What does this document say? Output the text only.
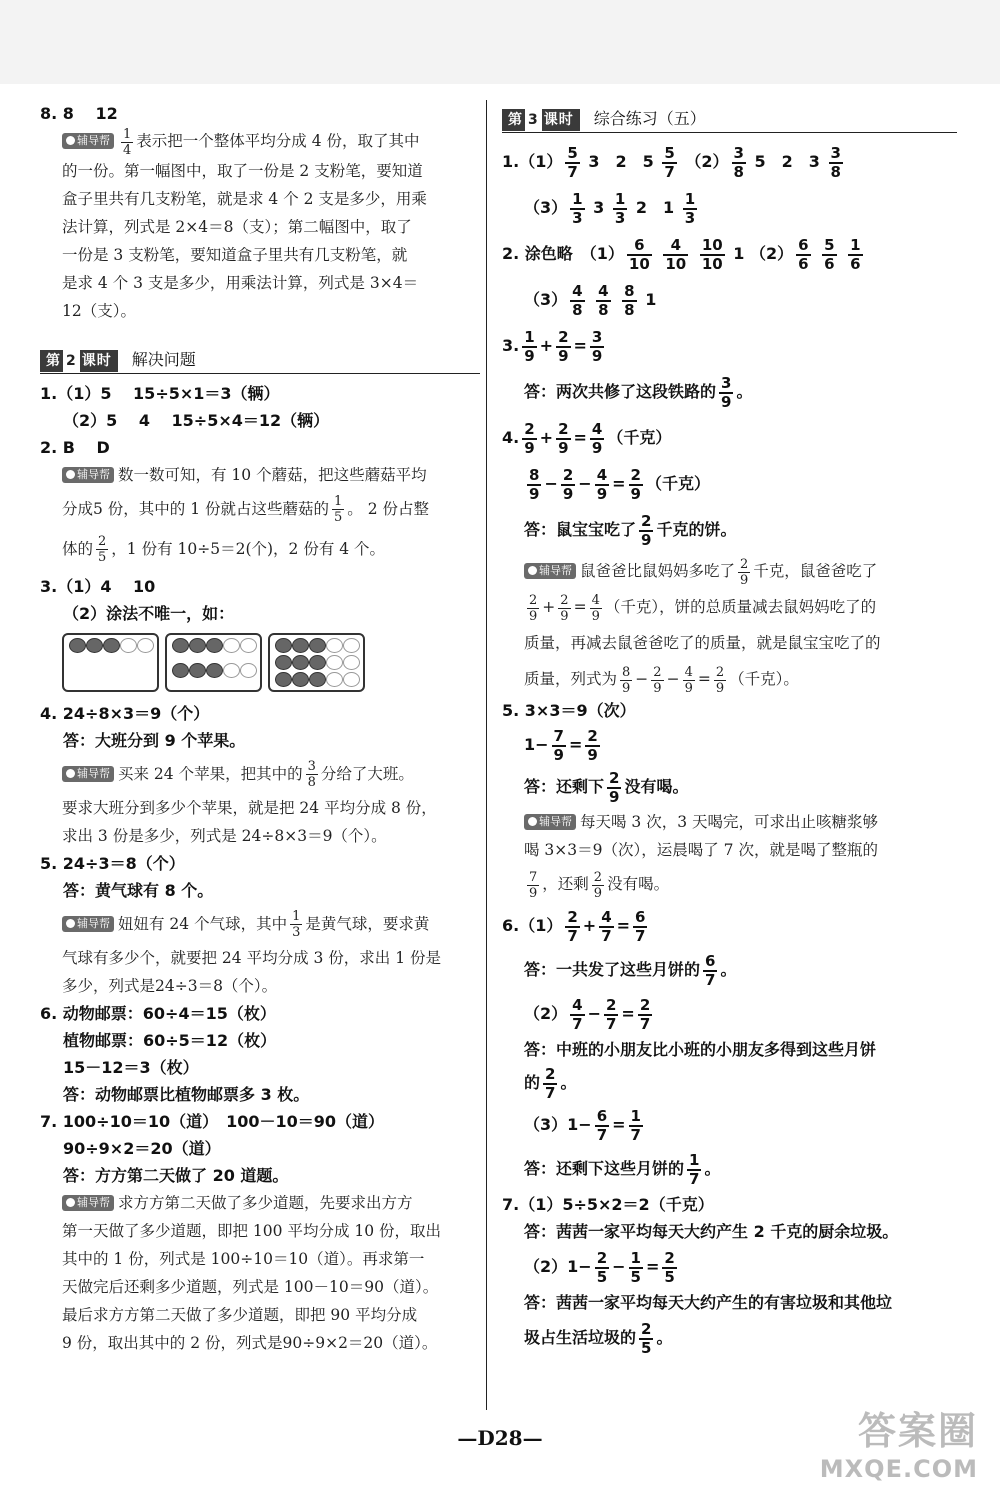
8. 8　 12
辅导帮 $\frac{1}{4}$ 表示把一个整体平均分成 4 份，取了其中
的一份。第一幅图中，取了一份是 2 支粉笔，要知道
盒子里共有几支粉笔，就是求 4 个 2 支是多少，用乘
法计算，列式是 2×4＝8（支）；第二幅图中，取了
一份是 3 支粉笔，要知道盒子里共有几支粉笔，就
是求 4 个 3 支是多少，用乘法计算，列式是 3×4＝
12（支）。
第 2 课时 解决问题
1.（1）5　 15÷5×1＝3（辆）
（2）5　 4　 15÷5×4＝12（辆）
2. B　 D
辅导帮 数一数可知，有 10 个蘑菇，把这些蘑菇平均
分成5 份，其中的 1 份就占这些蘑菇的 $\frac{1}{5}$ 。 2 份占整
体的 $\frac{2}{5}$ ，1 份有 10÷5＝2(个)，2 份有 4 个。
3.（1）4　 10
（2）涂法不唯一，如：
4. 24÷8×3＝9（个）
答：大班分到 9 个苹果。
辅导帮 买来 24 个苹果，把其中的 $\frac{3}{8}$ 分给了大班。
要求大班分到多少个苹果，就是把 24 平均分成 8 份，
求出 3 份是多少，列式是 24÷8×3＝9（个）。
5. 24÷3＝8（个）
答：黄气球有 8 个。
辅导帮 妞妞有 24 个气球，其中 $\frac{1}{3}$ 是黄气球，要求黄
气球有多少个，就要把 24 平均分成 3 份，求出 1 份是
多少，列式是24÷3＝8（个）。
6. 动物邮票：60÷4＝15（枚）
植物邮票：60÷5＝12（枚）
15－12＝3（枚）
答：动物邮票比植物邮票多 3 枚。
7. 100÷10＝10（道）　100－10＝90（道）
90÷9×2＝20（道）
答：方方第二天做了 20 道题。
辅导帮 求方方第二天做了多少道题，先要求出方方
第一天做了多少道题，即把 100 平均分成 10 份，取出
其中的 1 份，列式是 100÷10＝10（道）。再求第一
天做完后还剩多少道题，列式是 100－10＝90（道）。
最后求方方第二天做了多少道题，即把 90 平均分成
9 份，取出其中的 2 份，列式是90÷9×2＝20（道）。
第 3 课时 综合练习（五）
$1.(1) \frac{5}{7} 3$　2　$5 \frac{5}{7} (2) \frac{3}{8} 5$　2　$3 \frac{3}{8}$
$(3) \frac{1}{3} 3 \frac{1}{3} 2$　$1 \frac{1}{3}$
2. 涂色略　$(1) \frac{6}{10}$
$\frac{4}{10}$
$\frac{10}{10} 1$ $(2) \frac{6}{6}$
$\frac{5}{6}$
$\frac{1}{6}$
$(3) \frac{4}{8}$
$\frac{4}{8}$
$\frac{8}{8} 1$
3. $\frac{1}{9} + \frac{2}{9} = \frac{3}{9}$
答：两次共修了这段铁路的 $\frac{3}{9}$ 。
4. $\frac{2}{9} + \frac{2}{9} = \frac{4}{9}$ （千克）
$\frac{8}{9} - \frac{2}{9} - \frac{4}{9} = \frac{2}{9}$ （千克）
答：鼠宝宝吃了 $\frac{2}{9}$ 千克的饼。
辅导帮 鼠爸爸比鼠妈妈多吃了 $\frac{2}{9}$ 千克，鼠爸爸吃了
$\frac{2}{9} + \frac{2}{9} = \frac{4}{9}$ （千克），饼的总质量减去鼠妈妈吃了的
质量，再减去鼠爸爸吃了的质量，就是鼠宝宝吃了的
质量，列式为 $\frac{8}{9} - \frac{2}{9} - \frac{4}{9} = \frac{2}{9}$ （千克）。
5. 3×3＝9（次）
$1- \frac{7}{9} = \frac{2}{9}$
答：还剩下 $\frac{2}{9}$ 没有喝。
辅导帮 每天喝 3 次，3 天喝完，可求出止咳糖浆够
喝 3×3＝9（次），运晨喝了 7 次，就是喝了整瓶的
$\frac{7}{9}$ ，还剩 $\frac{2}{9}$ 没有喝。
$6.(1) \frac{2}{7} + \frac{4}{7} = \frac{6}{7}$
答：一共发了这些月饼的 $\frac{6}{7}$ 。
$(2) \frac{4}{7} - \frac{2}{7} = \frac{2}{7}$
答：中班的小朋友比小班的小朋友多得到这些月饼
的 $\frac{2}{7}$ 。
$(3)1- \frac{6}{7} = \frac{1}{7}$
答：还剩下这些月饼的 $\frac{1}{7}$ 。
7.（1）5÷5×2＝2（千克）
答：茜茜一家平均每天大约产生 2 千克的厨余垃圾。
$(2)1- \frac{2}{5} - \frac{1}{5} = \frac{2}{5}$
答：茜茜一家平均每天大约产生的有害垃圾和其他垃
圾占生活垃圾的 $\frac{2}{5}$ 。
—D28—	答案圈
MXQE.COM
